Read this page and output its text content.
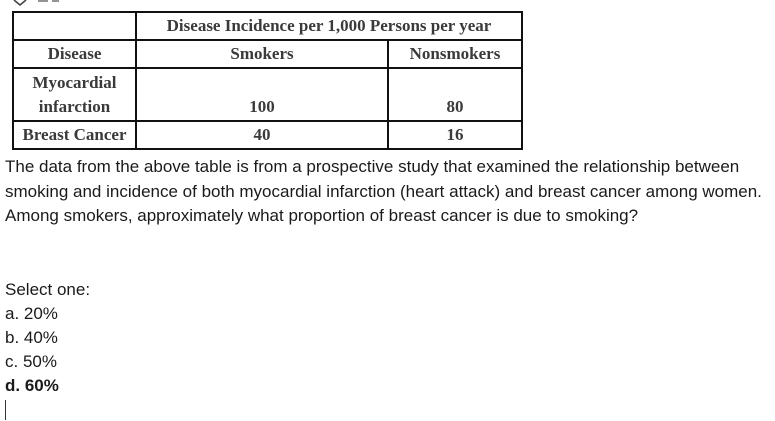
	Disease Incidence per 1,000 Persons per year	
Disease	Smokers	Nonsmokers
Myocardial
infarction	100	80
Breast Cancer	40	16
The data from the above table is from a prospective study that examined the relationship between smoking and incidence of both myocardial infarction (heart attack) and breast cancer among women. Among smokers, approximately what proportion of breast cancer is due to smoking?
Select one:
a. 20%
b. 40%
c. 50%
d. 60%
